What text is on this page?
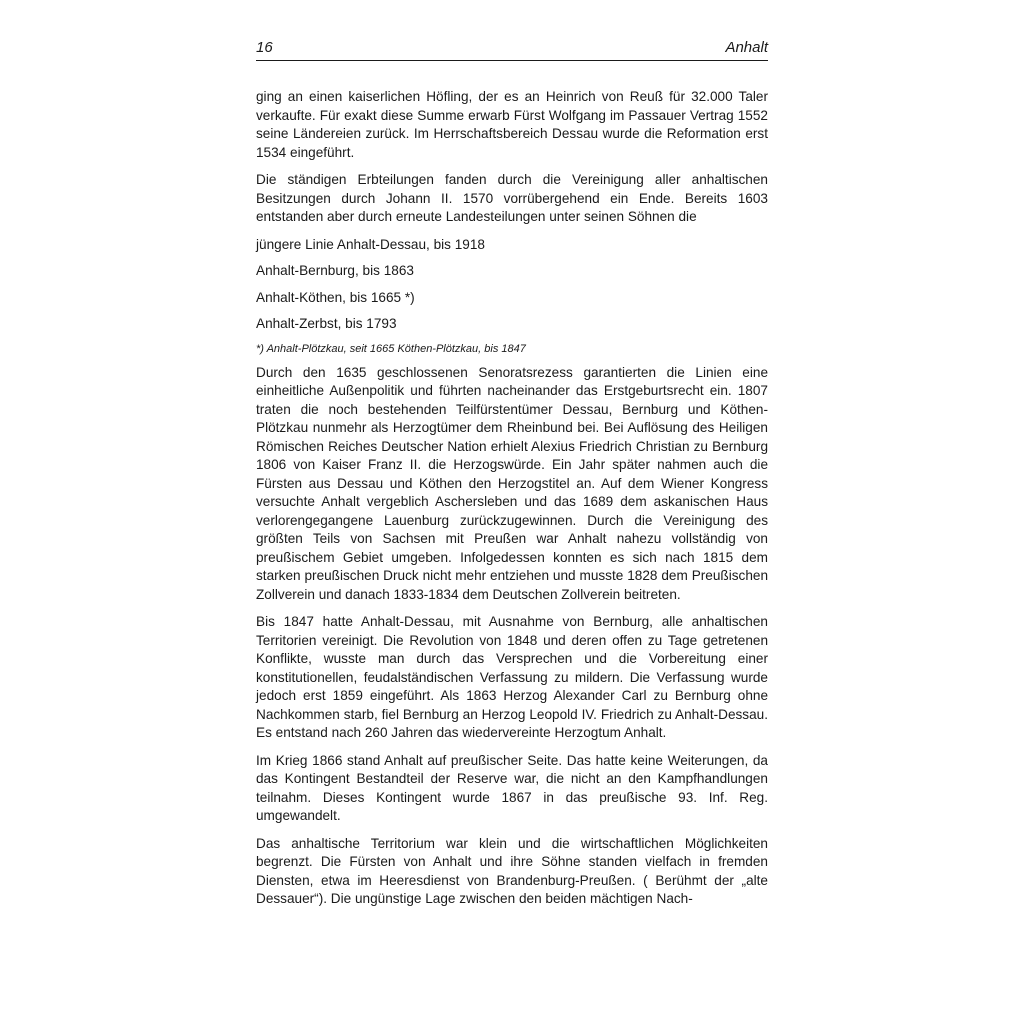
16	Anhalt

ging an einen kaiserlichen Höfling, der es an Heinrich von Reuß für 32.000 Taler verkaufte. Für exakt diese Summe erwarb Fürst Wolfgang im Passauer Vertrag 1552 seine Ländereien zurück. Im Herrschaftsbereich Dessau wurde die Reformation erst 1534 eingeführt.

Die ständigen Erbteilungen fanden durch die Vereinigung aller anhaltischen Besitzungen durch Johann II. 1570 vorrübergehend ein Ende. Bereits 1603 entstanden aber durch erneute Landesteilungen unter seinen Söhnen die

jüngere Linie Anhalt-Dessau, bis 1918

Anhalt-Bernburg, bis 1863

Anhalt-Köthen, bis 1665 *)

Anhalt-Zerbst, bis 1793

*) Anhalt-Plötzkau, seit 1665 Köthen-Plötzkau, bis 1847

Durch den 1635 geschlossenen Senoratsrezess garantierten die Linien eine einheitliche Außenpolitik und führten nacheinander das Erstgeburtsrecht ein. 1807 traten die noch bestehenden Teilfürstentümer Dessau, Bernburg und Köthen-Plötzkau nunmehr als Herzogtümer dem Rheinbund bei. Bei Auflösung des Heiligen Römischen Reiches Deutscher Nation erhielt Alexius Friedrich Christian zu Bernburg 1806 von Kaiser Franz II. die Herzogswürde. Ein Jahr später nahmen auch die Fürsten aus Dessau und Köthen den Herzogstitel an. Auf dem Wiener Kongress versuchte Anhalt vergeblich Aschersleben und das 1689 dem askanischen Haus verlorengegangene Lauenburg zurückzugewinnen. Durch die Vereinigung des größten Teils von Sachsen mit Preußen war Anhalt nahezu vollständig von preußischem Gebiet umgeben. Infolgedessen konnten es sich nach 1815 dem starken preußischen Druck nicht mehr entziehen und musste 1828 dem Preußischen Zollverein und danach 1833-1834 dem Deutschen Zollverein beitreten.

Bis 1847 hatte Anhalt-Dessau, mit Ausnahme von Bernburg, alle anhaltischen Territorien vereinigt. Die Revolution von 1848 und deren offen zu Tage getretenen Konflikte, wusste man durch das Versprechen und die Vorbereitung einer konstitutionellen, feudalständischen Verfassung zu mildern. Die Verfassung wurde jedoch erst 1859 eingeführt. Als 1863 Herzog Alexander Carl zu Bernburg ohne Nachkommen starb, fiel Bernburg an Herzog Leopold IV. Friedrich zu Anhalt-Dessau. Es entstand nach 260 Jahren das wiedervereinte Herzogtum Anhalt.

Im Krieg 1866 stand Anhalt auf preußischer Seite. Das hatte keine Weiterungen, da das Kontingent Bestandteil der Reserve war, die nicht an den Kampfhandlungen teilnahm. Dieses Kontingent wurde 1867 in das preußische 93. Inf. Reg. umgewandelt.

Das anhaltische Territorium war klein und die wirtschaftlichen Möglichkeiten begrenzt. Die Fürsten von Anhalt und ihre Söhne standen vielfach in fremden Diensten, etwa im Heeresdienst von Brandenburg-Preußen. ( Berühmt der „alte Dessauer“). Die ungünstige Lage zwischen den beiden mächtigen Nach-
